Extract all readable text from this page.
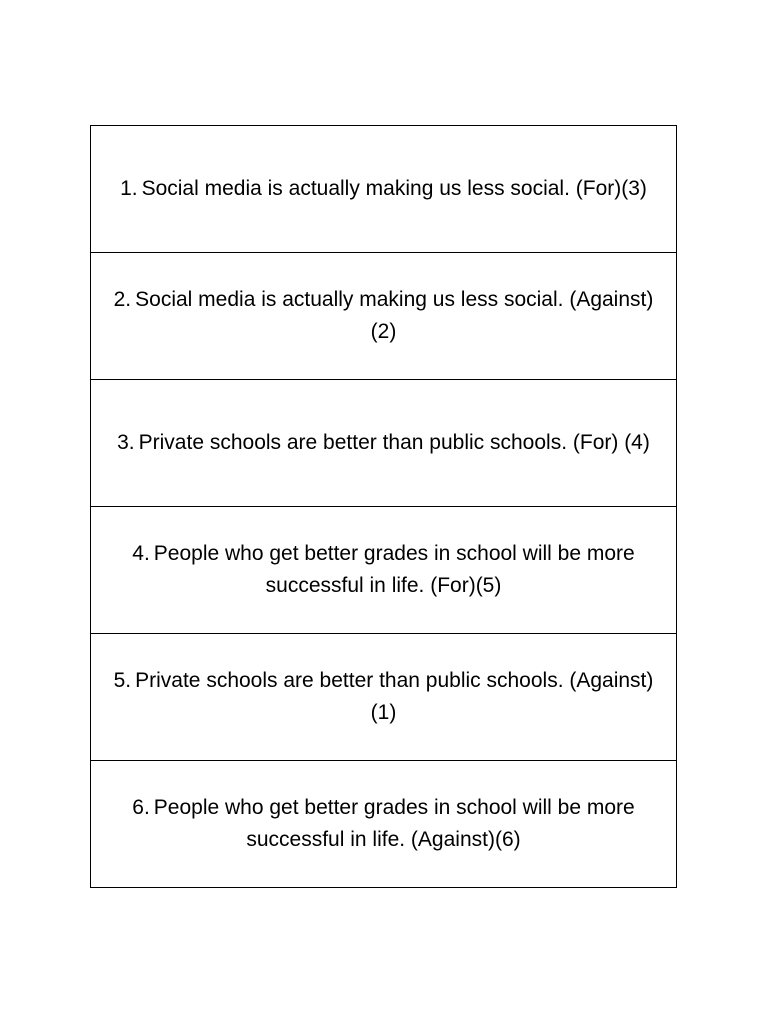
1. Social media is actually making us less social. (For)(3)
2. Social media is actually making us less social. (Against)(2)
3. Private schools are better than public schools. (For) (4)
4. People who get better grades in school will be more successful in life. (For)(5)
5. Private schools are better than public schools. (Against)(1)
6. People who get better grades in school will be more successful in life. (Against)(6)
